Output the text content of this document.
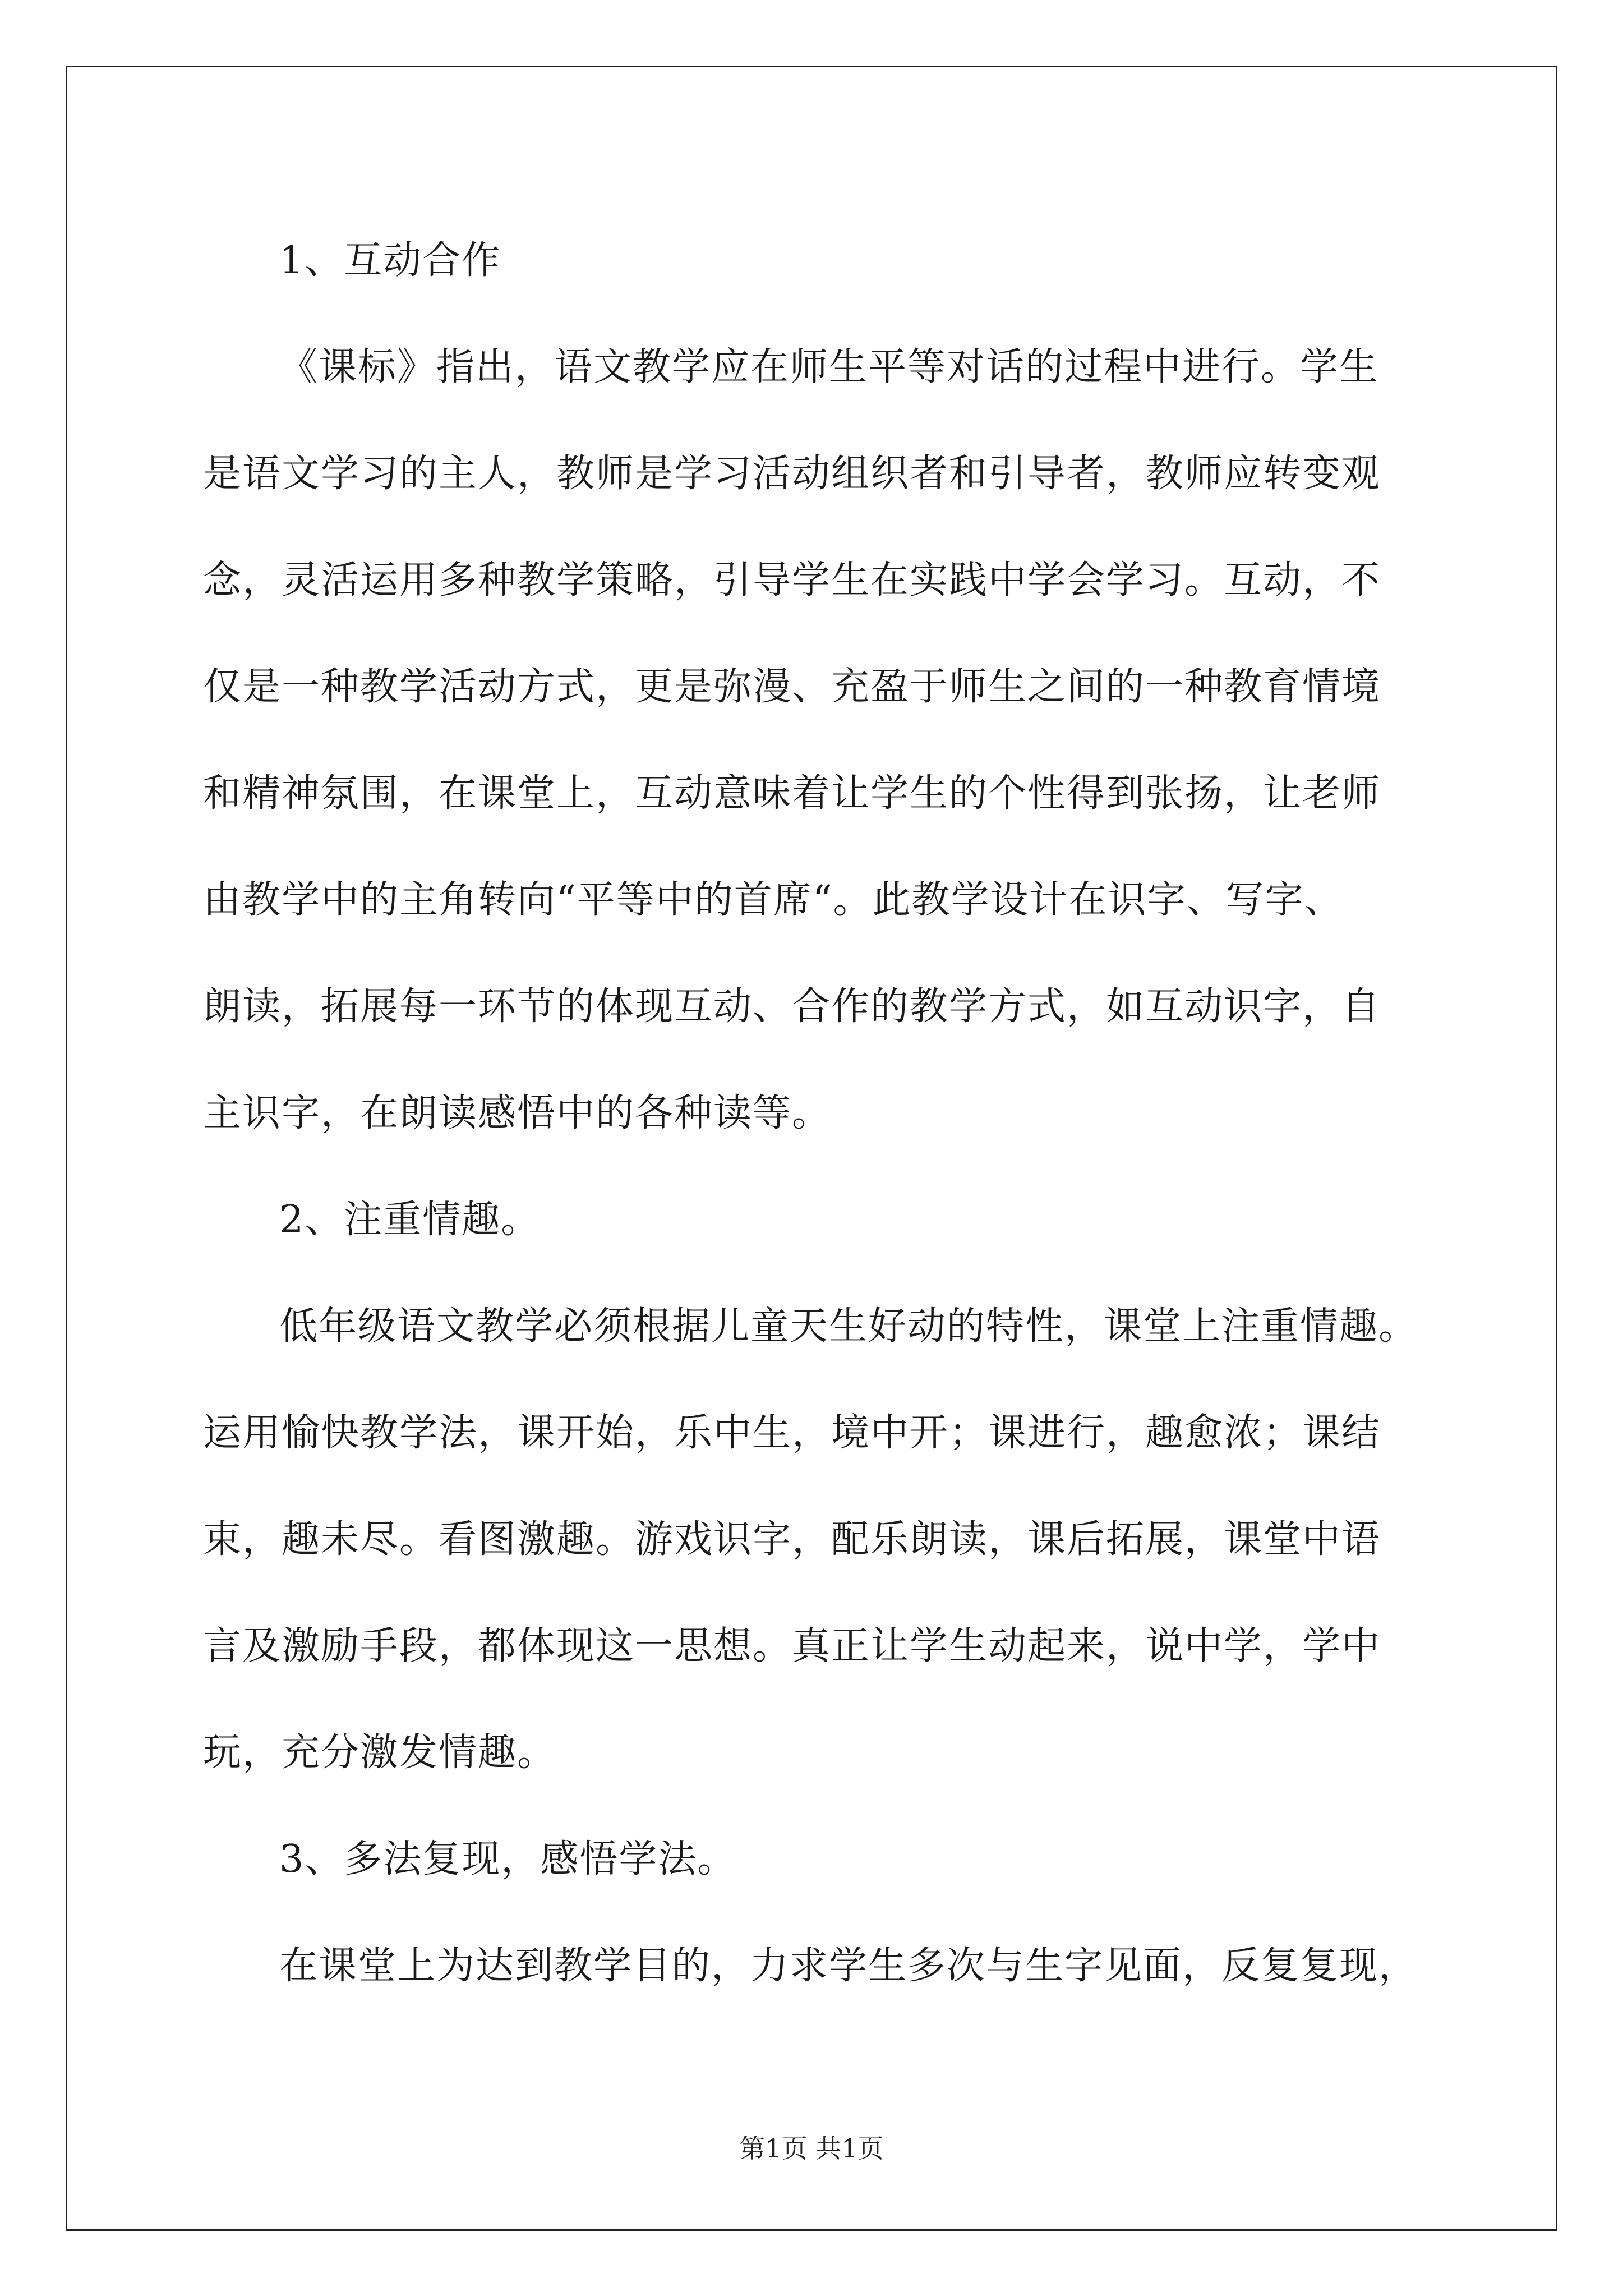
1、互动合作
《课标》指出，语文教学应在师生平等对话的过程中进行。学生
是语文学习的主人，教师是学习活动组织者和引导者，教师应转变观
念，灵活运用多种教学策略，引导学生在实践中学会学习。互动，不
仅是一种教学活动方式，更是弥漫、充盈于师生之间的一种教育情境
和精神氛围，在课堂上，互动意味着让学生的个性得到张扬，让老师
由教学中的主角转向“平等中的首席“。此教学设计在识字、写字、
朗读，拓展每一环节的体现互动、合作的教学方式，如互动识字，自
主识字，在朗读感悟中的各种读等。
2、注重情趣。
低年级语文教学必须根据儿童天生好动的特性，课堂上注重情趣。
运用愉快教学法，课开始，乐中生，境中开；课进行，趣愈浓；课结
束，趣未尽。看图激趣。游戏识字，配乐朗读，课后拓展，课堂中语
言及激励手段，都体现这一思想。真正让学生动起来，说中学，学中
玩，充分激发情趣。
3、多法复现，感悟学法。
在课堂上为达到教学目的，力求学生多次与生字见面，反复复现，
第1页 共1页
